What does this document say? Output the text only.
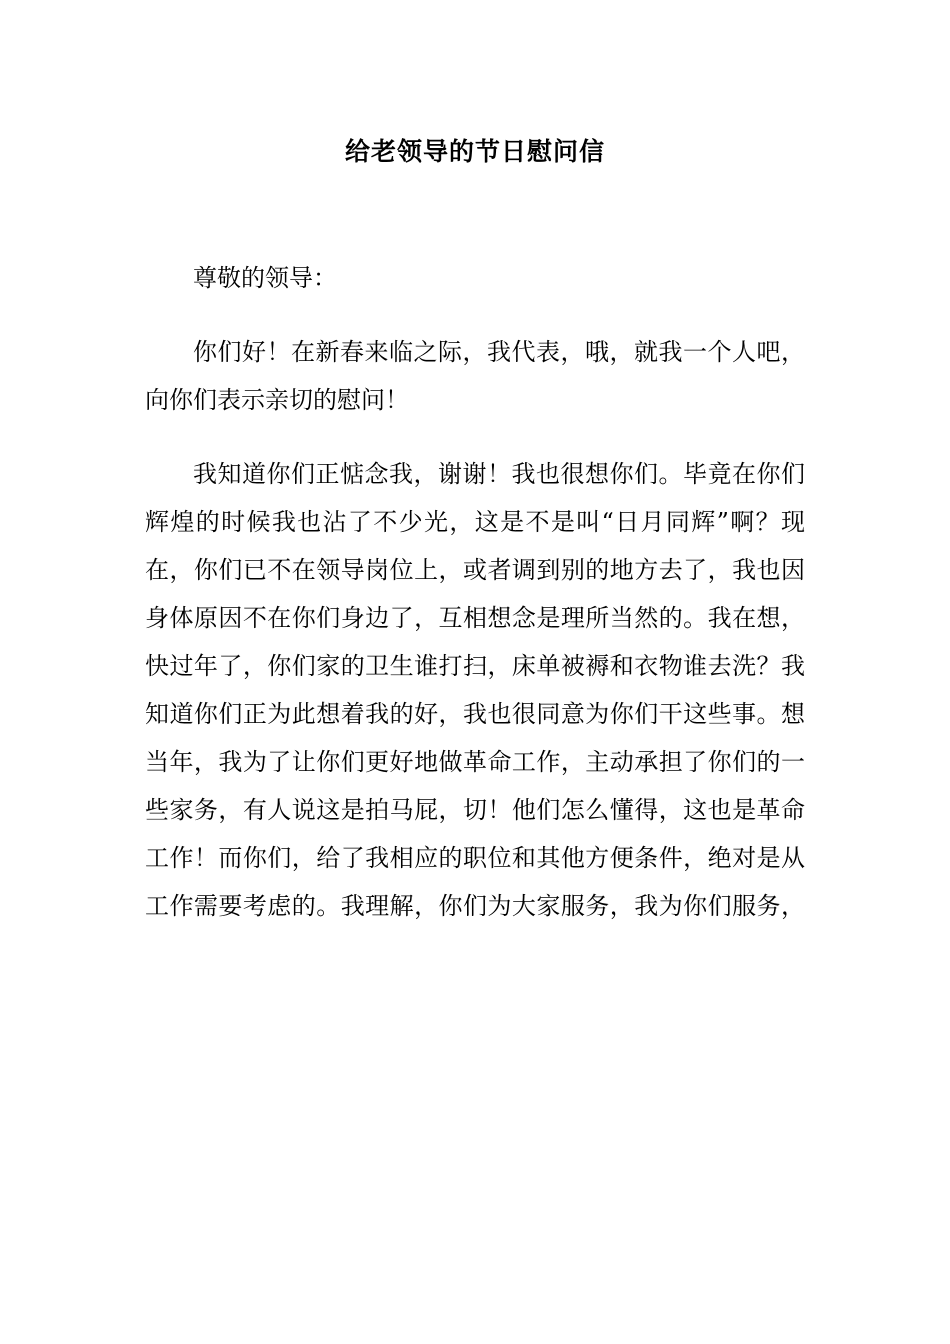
给老领导的节日慰问信
尊敬的领导：
你们好！在新春来临之际，我代表，哦，就我一个人吧，
向你们表示亲切的慰问！
我知道你们正惦念我，谢谢！我也很想你们。毕竟在你们
辉煌的时候我也沾了不少光，这是不是叫“日月同辉”啊？现
在，你们已不在领导岗位上，或者调到别的地方去了，我也因
身体原因不在你们身边了，互相想念是理所当然的。我在想，
快过年了，你们家的卫生谁打扫，床单被褥和衣物谁去洗？我
知道你们正为此想着我的好，我也很同意为你们干这些事。想
当年，我为了让你们更好地做革命工作，主动承担了你们的一
些家务，有人说这是拍马屁，切！他们怎么懂得，这也是革命
工作！而你们，给了我相应的职位和其他方便条件，绝对是从
工作需要考虑的。我理解，你们为大家服务，我为你们服务，
